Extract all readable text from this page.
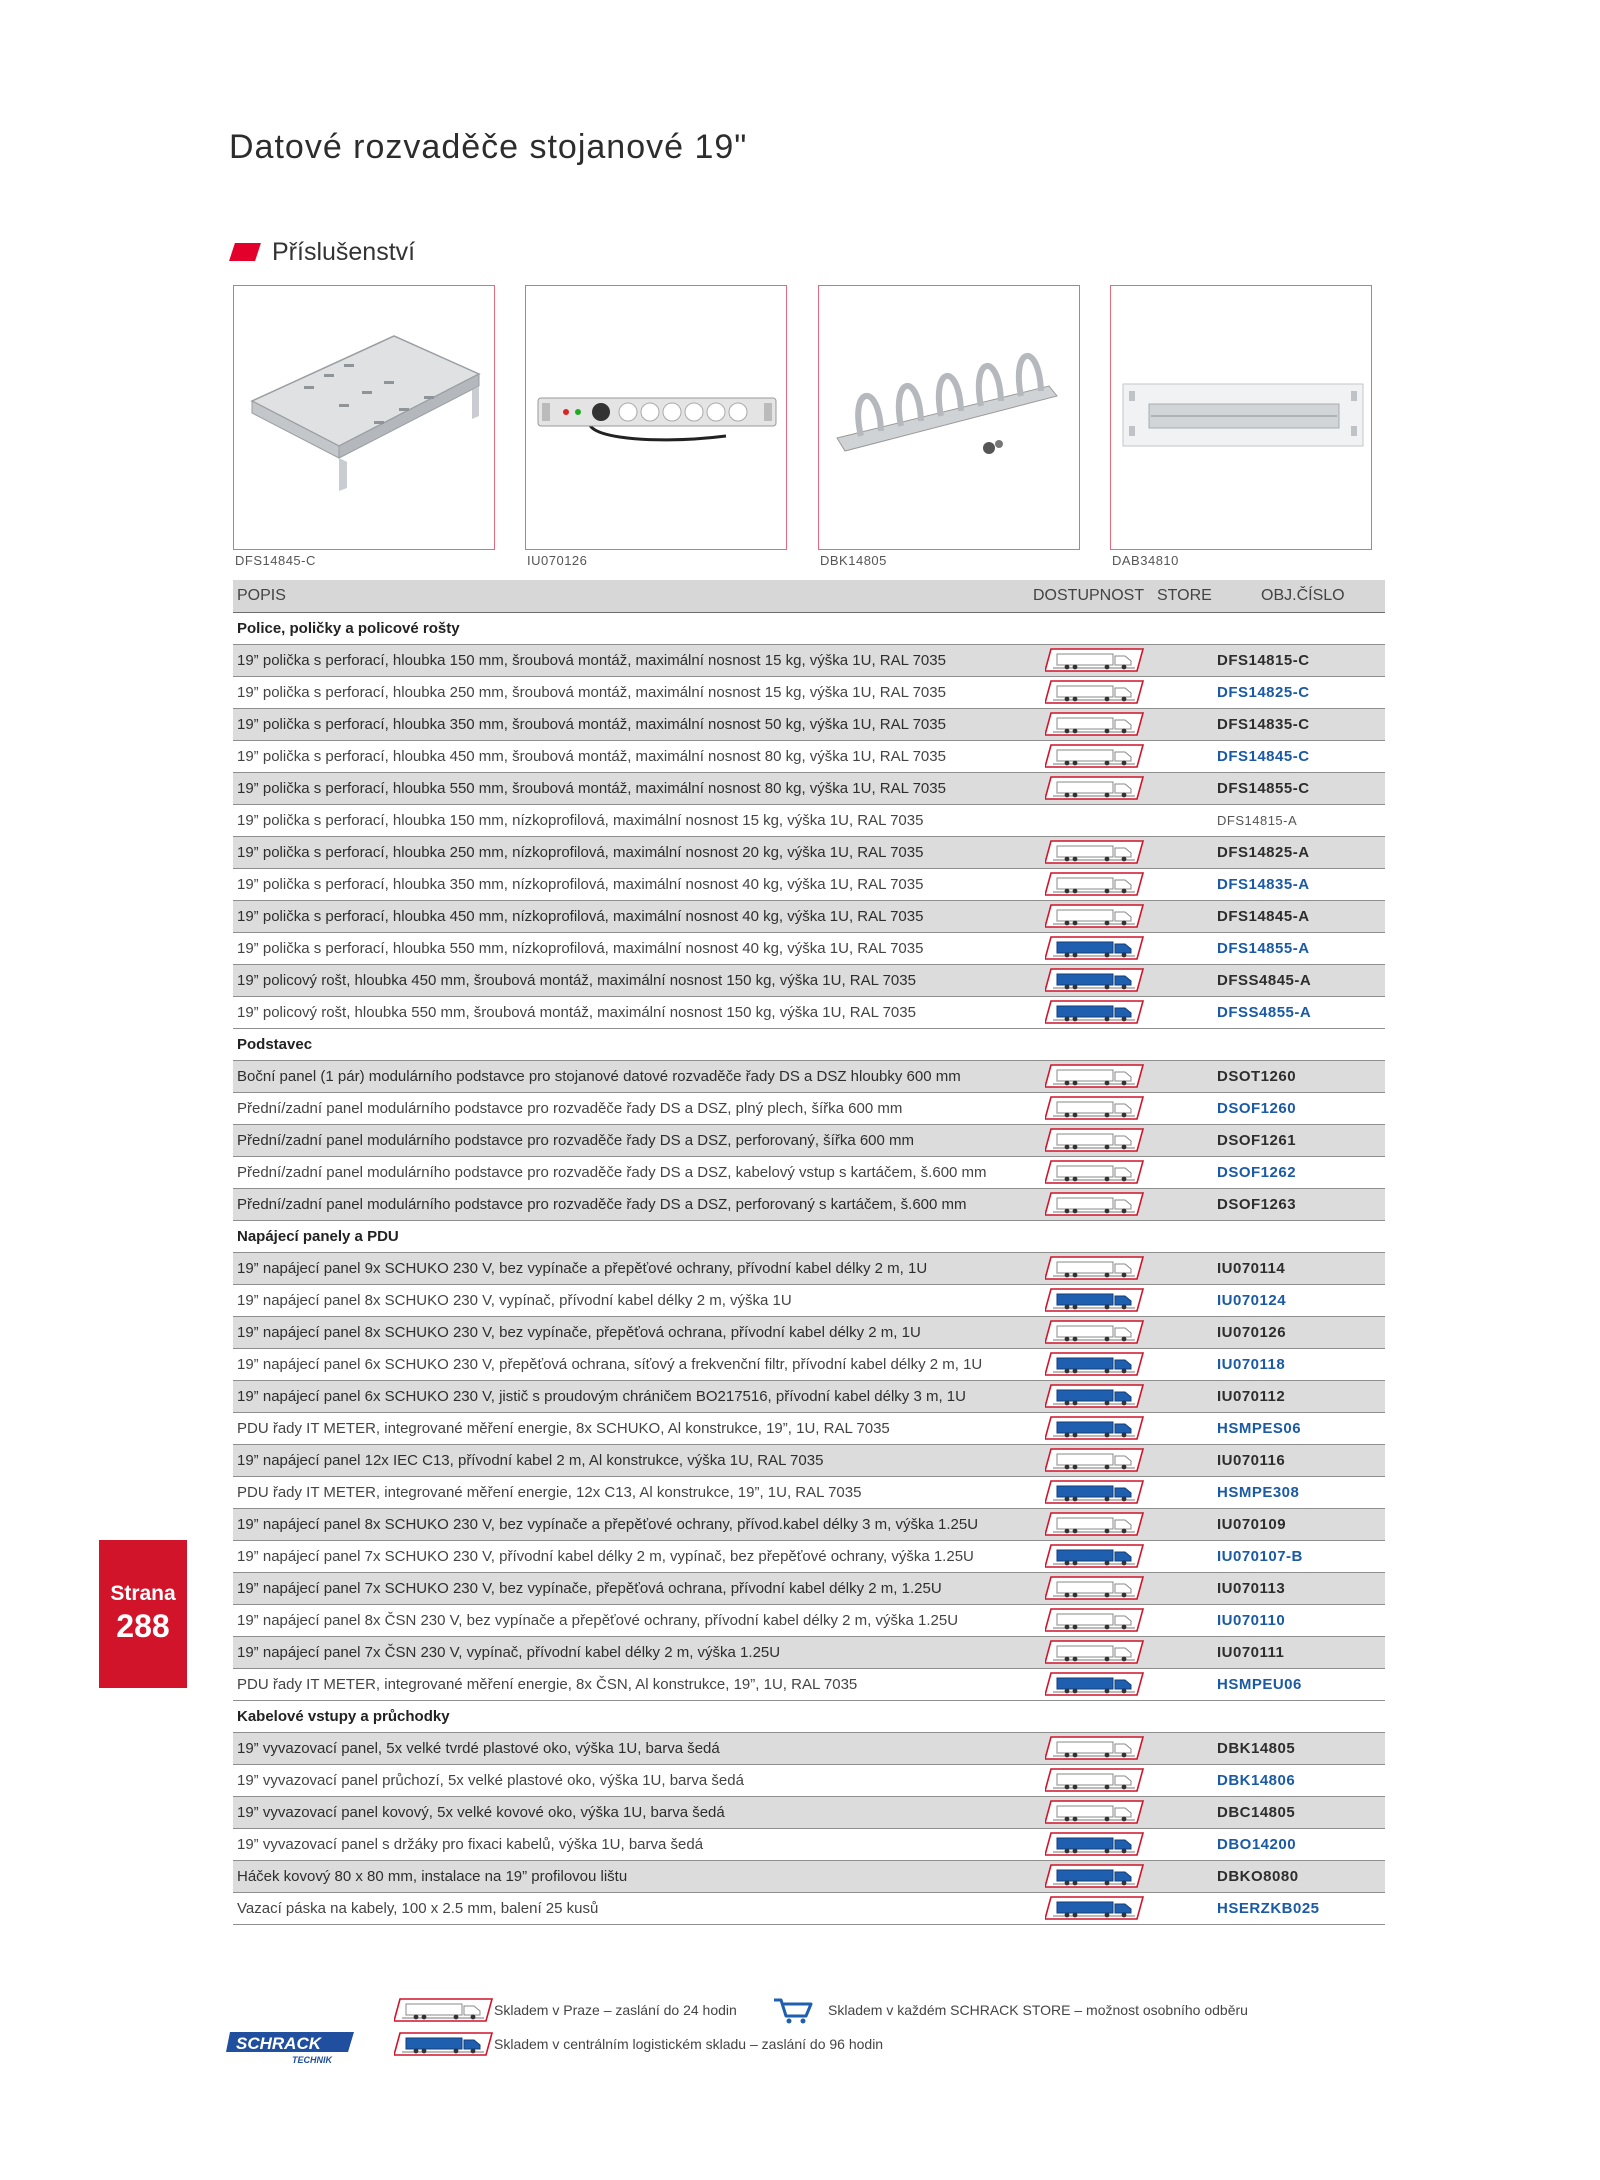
Datové rozvaděče stojanové 19"
Příslušenství
DFS14845-C	IU070126	DBK14805	DAB34810
POPIS	DOSTUPNOST	STORE	OBJ.ČÍSLO
Police, poličky a policové rošty			
19” polička s perforací, hloubka 150 mm, šroubová montáž, maximální nosnost 15 kg, výška 1U, RAL 7035			DFS14815-C
19” polička s perforací, hloubka 250 mm, šroubová montáž, maximální nosnost 15 kg, výška 1U, RAL 7035			DFS14825-C
19” polička s perforací, hloubka 350 mm, šroubová montáž, maximální nosnost 50 kg, výška 1U, RAL 7035			DFS14835-C
19” polička s perforací, hloubka 450 mm, šroubová montáž, maximální nosnost 80 kg, výška 1U, RAL 7035			DFS14845-C
19” polička s perforací, hloubka 550 mm, šroubová montáž, maximální nosnost 80 kg, výška 1U, RAL 7035			DFS14855-C
19” polička s perforací, hloubka 150 mm, nízkoprofilová, maximální nosnost 15 kg, výška 1U, RAL 7035			DFS14815-A
19” polička s perforací, hloubka 250 mm, nízkoprofilová, maximální nosnost 20 kg, výška 1U, RAL 7035			DFS14825-A
19” polička s perforací, hloubka 350 mm, nízkoprofilová, maximální nosnost 40 kg, výška 1U, RAL 7035			DFS14835-A
19” polička s perforací, hloubka 450 mm, nízkoprofilová, maximální nosnost 40 kg, výška 1U, RAL 7035			DFS14845-A
19” polička s perforací, hloubka 550 mm, nízkoprofilová, maximální nosnost 40 kg, výška 1U, RAL 7035			DFS14855-A
19” policový rošt, hloubka 450 mm, šroubová montáž, maximální nosnost 150 kg, výška 1U, RAL 7035			DFSS4845-A
19” policový rošt, hloubka 550 mm, šroubová montáž, maximální nosnost 150 kg, výška 1U, RAL 7035			DFSS4855-A
Podstavec			
Boční panel (1 pár) modulárního podstavce pro stojanové datové rozvaděče řady DS a DSZ hloubky 600 mm			DSOT1260
Přední/zadní panel modulárního podstavce pro rozvaděče řady DS a DSZ, plný plech, šířka 600 mm			DSOF1260
Přední/zadní panel modulárního podstavce pro rozvaděče řady DS a DSZ, perforovaný, šířka 600 mm			DSOF1261
Přední/zadní panel modulárního podstavce pro rozvaděče řady DS a DSZ, kabelový vstup s kartáčem, š.600 mm			DSOF1262
Přední/zadní panel modulárního podstavce pro rozvaděče řady DS a DSZ, perforovaný s kartáčem, š.600 mm			DSOF1263
Napájecí panely a PDU			
19” napájecí panel 9x SCHUKO 230 V, bez vypínače a přepěťové ochrany, přívodní kabel délky 2 m, 1U			IU070114
19” napájecí panel 8x SCHUKO 230 V, vypínač, přívodní kabel délky 2 m, výška 1U			IU070124
19” napájecí panel 8x SCHUKO 230 V, bez vypínače, přepěťová ochrana, přívodní kabel délky 2 m, 1U			IU070126
19” napájecí panel 6x SCHUKO 230 V, přepěťová ochrana, síťový a frekvenční filtr, přívodní kabel délky 2 m, 1U			IU070118
19” napájecí panel 6x SCHUKO 230 V, jistič s proudovým chráničem BO217516, přívodní kabel délky 3 m, 1U			IU070112
PDU řady IT METER, integrované měření energie, 8x SCHUKO, Al konstrukce, 19”, 1U, RAL 7035			HSMPES06
19” napájecí panel 12x IEC C13, přívodní kabel 2 m, Al konstrukce, výška 1U, RAL 7035			IU070116
PDU řady IT METER, integrované měření energie, 12x C13, Al konstrukce, 19”, 1U, RAL 7035			HSMPE308
19” napájecí panel 8x SCHUKO 230 V, bez vypínače a přepěťové ochrany, přívod.kabel délky 3 m, výška 1.25U			IU070109
19” napájecí panel 7x SCHUKO 230 V, přívodní kabel délky 2 m, vypínač, bez přepěťové ochrany, výška 1.25U			IU070107-B
19” napájecí panel 7x SCHUKO 230 V, bez vypínače, přepěťová ochrana, přívodní kabel délky 2 m, 1.25U			IU070113
19” napájecí panel 8x ČSN 230 V, bez vypínače a přepěťové ochrany, přívodní kabel délky 2 m, výška 1.25U			IU070110
19” napájecí panel 7x ČSN 230 V, vypínač, přívodní kabel délky 2 m, výška 1.25U			IU070111
PDU řady IT METER, integrované měření energie, 8x ČSN, Al konstrukce, 19”, 1U, RAL 7035			HSMPEU06
Kabelové vstupy a průchodky			
19” vyvazovací panel, 5x velké tvrdé plastové oko, výška 1U, barva šedá			DBK14805
19” vyvazovací panel průchozí, 5x velké plastové oko, výška 1U, barva šedá			DBK14806
19” vyvazovací panel kovový, 5x velké kovové oko, výška 1U, barva šedá			DBC14805
19” vyvazovací panel s držáky pro fixaci kabelů, výška 1U, barva šedá			DBO14200
Háček kovový 80 x 80 mm, instalace na 19” profilovou lištu			DBKO8080
Vazací páska na kabely, 100 x 2.5 mm, balení 25 kusů			HSERZKB025
Strana
288
Skladem v Praze – zaslání do 24 hodin	Skladem v každém SCHRACK STORE – možnost osobního odběru
Skladem v centrálním logistickém skladu – zaslání do 96 hodin
SCHRACK
TECHNIK
